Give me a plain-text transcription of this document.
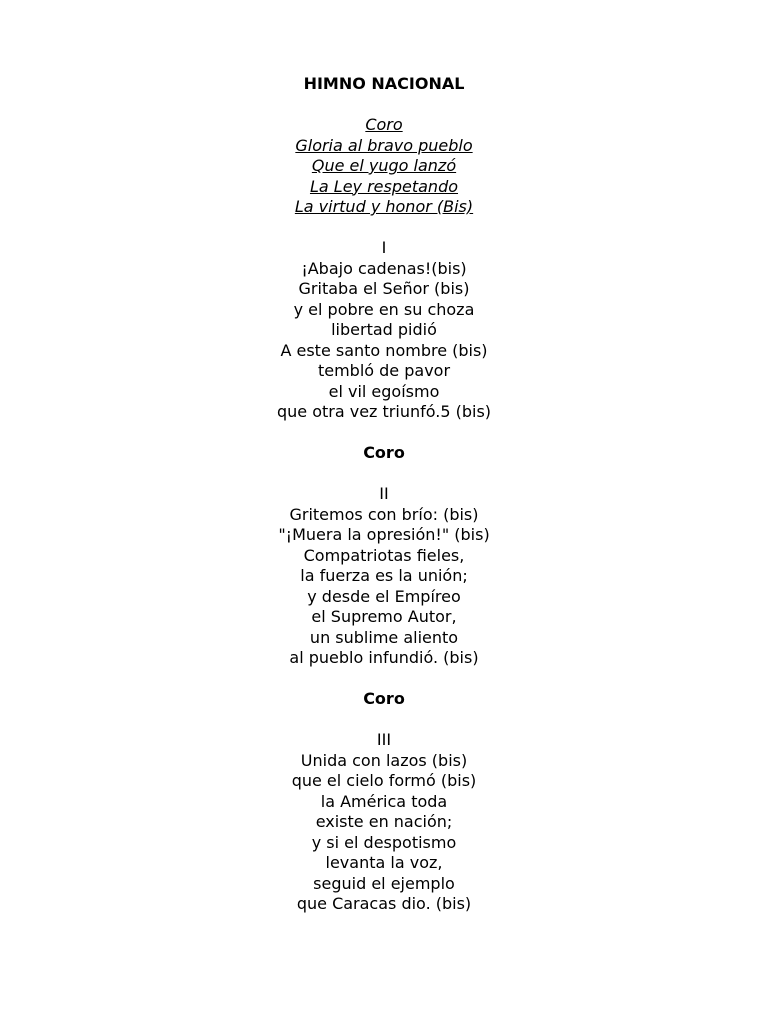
HIMNO NACIONAL
Coro
Gloria al bravo pueblo
Que el yugo lanzó
La Ley respetando
La virtud y honor (Bis)
I
¡Abajo cadenas!(bis)
Gritaba el Señor (bis)
y el pobre en su choza
libertad pidió
A este santo nombre (bis)
tembló de pavor
el vil egoísmo
que otra vez triunfó.5 (bis)
Coro
II
Gritemos con brío: (bis)
"¡Muera la opresión!" (bis)
Compatriotas fieles,
la fuerza es la unión;
y desde el Empíreo
el Supremo Autor,
un sublime aliento
al pueblo infundió. (bis)
Coro
III
Unida con lazos (bis)
que el cielo formó (bis)
la América toda
existe en nación;
y si el despotismo
levanta la voz,
seguid el ejemplo
que Caracas dio. (bis)
